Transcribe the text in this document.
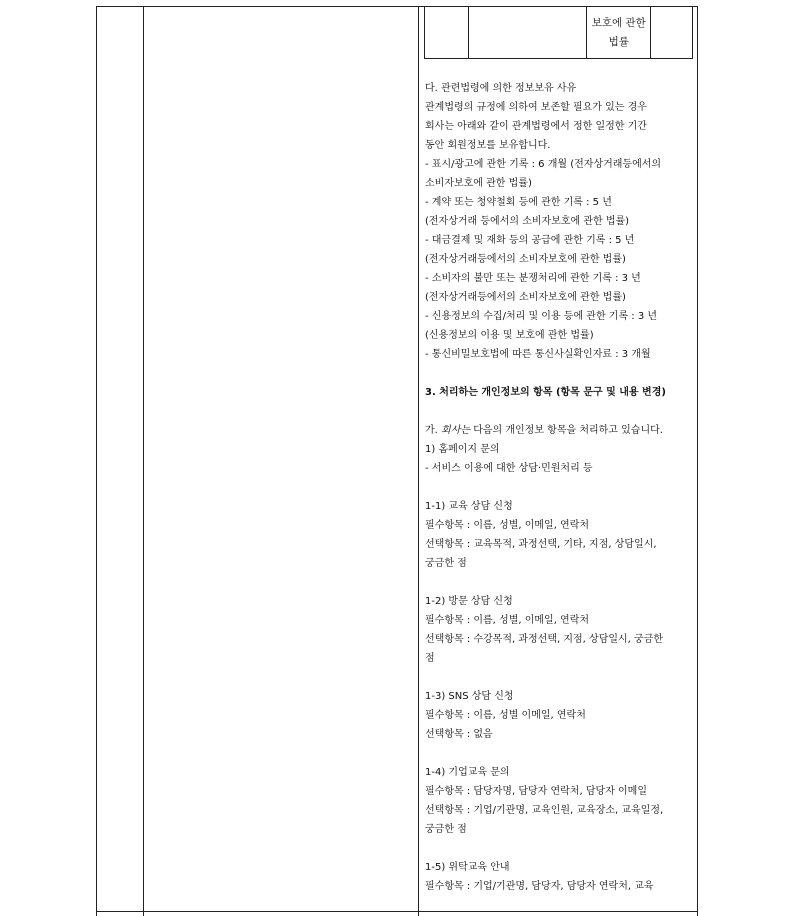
		보호에 관한 법률	
다. 관련법령에 의한 정보보유 사유
관계법령의 규정에 의하여 보존할 필요가 있는 경우
회사는 아래와 같이 관계법령에서 정한 일정한 기간
동안 회원정보를 보유합니다.
- 표시/광고에 관한 기록 : 6 개월 (전자상거래등에서의
소비자보호에 관한 법률)
- 계약 또는 청약철회 등에 관한 기록 : 5 년
(전자상거래 등에서의 소비자보호에 관한 법률)
- 대금결제 및 재화 등의 공급에 관한 기록 : 5 년
(전자상거래등에서의 소비자보호에 관한 법률)
- 소비자의 불만 또는 분쟁처리에 관한 기록 : 3 년
(전자상거래등에서의 소비자보호에 관한 법률)
- 신용정보의 수집/처리 및 이용 등에 관한 기록 : 3 년
(신용정보의 이용 및 보호에 관한 법률)
- 통신비밀보호법에 따른 통신사실확인자료 : 3 개월
3. 처리하는 개인정보의 항목 (항목 문구 및 내용 변경)
가. 회사는 다음의 개인정보 항목을 처리하고 있습니다.
1) 홈페이지 문의
- 서비스 이용에 대한 상담·민원처리 등
1-1) 교육 상담 신청
필수항목 : 이름, 성별, 이메일, 연락처
선택항목 : 교육목적, 과정선택, 기타, 지점, 상담일시,
궁금한 점
1-2) 방문 상담 신청
필수항목 : 이름, 성별, 이메일, 연락처
선택항목 : 수강목적, 과정선택, 지점, 상담일시, 궁금한
점
1-3) SNS 상담 신청
필수항목 : 이름, 성별 이메일, 연락처
선택항목 : 없음
1-4) 기업교육 문의
필수항목 : 담당자명, 담당자 연락처, 담당자 이메일
선택항목 : 기업/기관명, 교육인원, 교육장소, 교육일정,
궁금한 점
1-5) 위탁교육 안내
필수항목 : 기업/기관명, 담당자, 담당자 연락처, 교육
